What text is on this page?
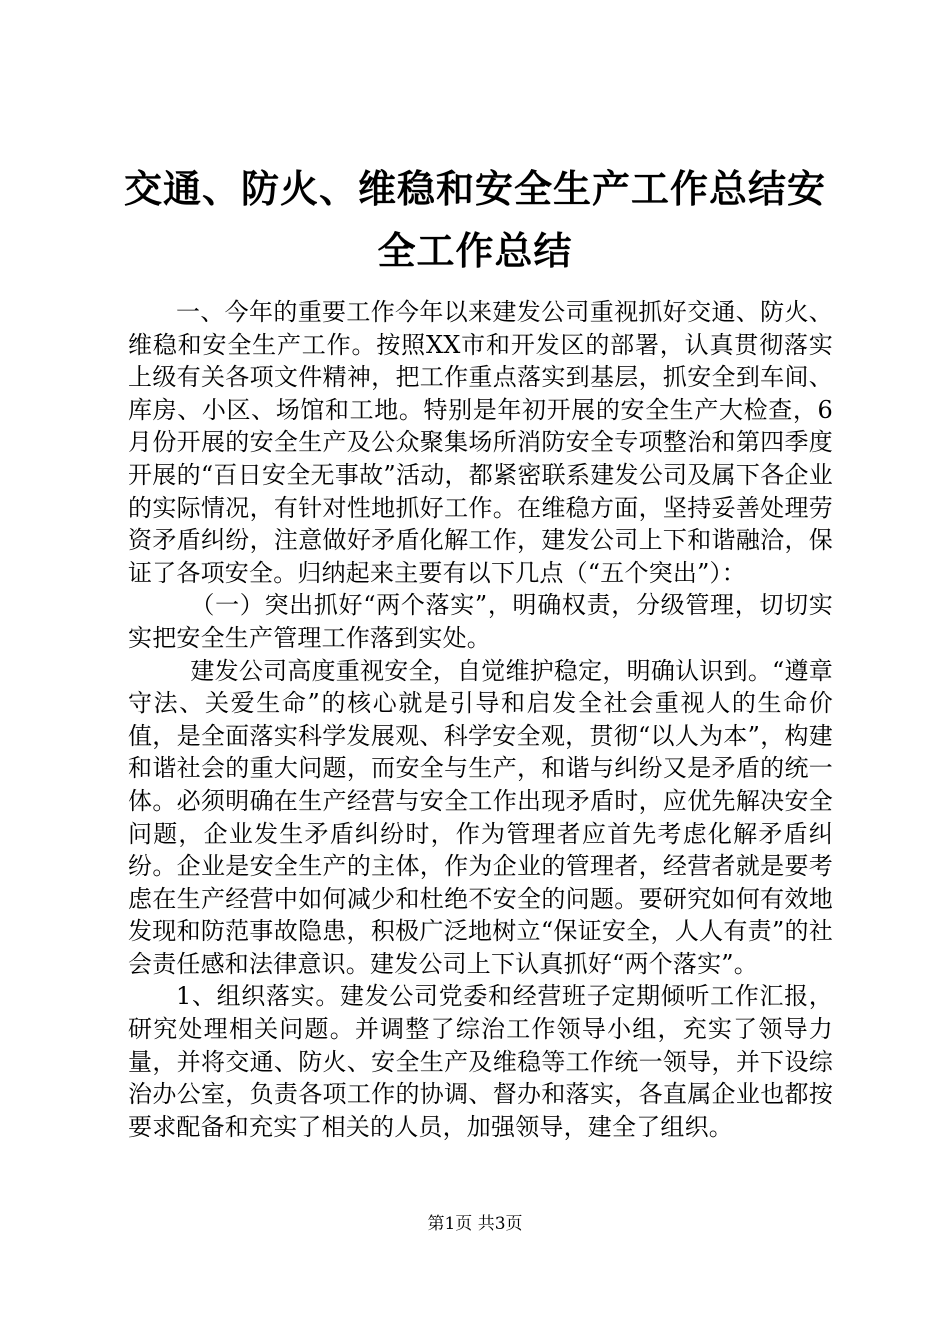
交通、防火、维稳和安全生产工作总结安全工作总结

一、今年的重要工作今年以来建发公司重视抓好交通、防火、维稳和安全生产工作。按照XX市和开发区的部署，认真贯彻落实上级有关各项文件精神，把工作重点落实到基层，抓安全到车间、库房、小区、场馆和工地。特别是年初开展的安全生产大检查，6月份开展的安全生产及公众聚集场所消防安全专项整治和第四季度开展的“百日安全无事故”活动，都紧密联系建发公司及属下各企业的实际情况，有针对性地抓好工作。在维稳方面，坚持妥善处理劳资矛盾纠纷，注意做好矛盾化解工作，建发公司上下和谐融洽，保证了各项安全。归纳起来主要有以下几点（“五个突出”）：

（一）突出抓好“两个落实”，明确权责，分级管理，切切实实把安全生产管理工作落到实处。

建发公司高度重视安全，自觉维护稳定，明确认识到。“遵章守法、关爱生命”的核心就是引导和启发全社会重视人的生命价值，是全面落实科学发展观、科学安全观，贯彻“以人为本”，构建和谐社会的重大问题，而安全与生产，和谐与纠纷又是矛盾的统一体。必须明确在生产经营与安全工作出现矛盾时，应优先解决安全问题，企业发生矛盾纠纷时，作为管理者应首先考虑化解矛盾纠纷。企业是安全生产的主体，作为企业的管理者，经营者就是要考虑在生产经营中如何减少和杜绝不安全的问题。要研究如何有效地发现和防范事故隐患，积极广泛地树立“保证安全，人人有责”的社会责任感和法律意识。建发公司上下认真抓好“两个落实”。

1、组织落实。建发公司党委和经营班子定期倾听工作汇报，研究处理相关问题。并调整了综治工作领导小组，充实了领导力量，并将交通、防火、安全生产及维稳等工作统一领导，并下设综治办公室，负责各项工作的协调、督办和落实，各直属企业也都按要求配备和充实了相关的人员，加强领导，建全了组织。

第1页 共3页
